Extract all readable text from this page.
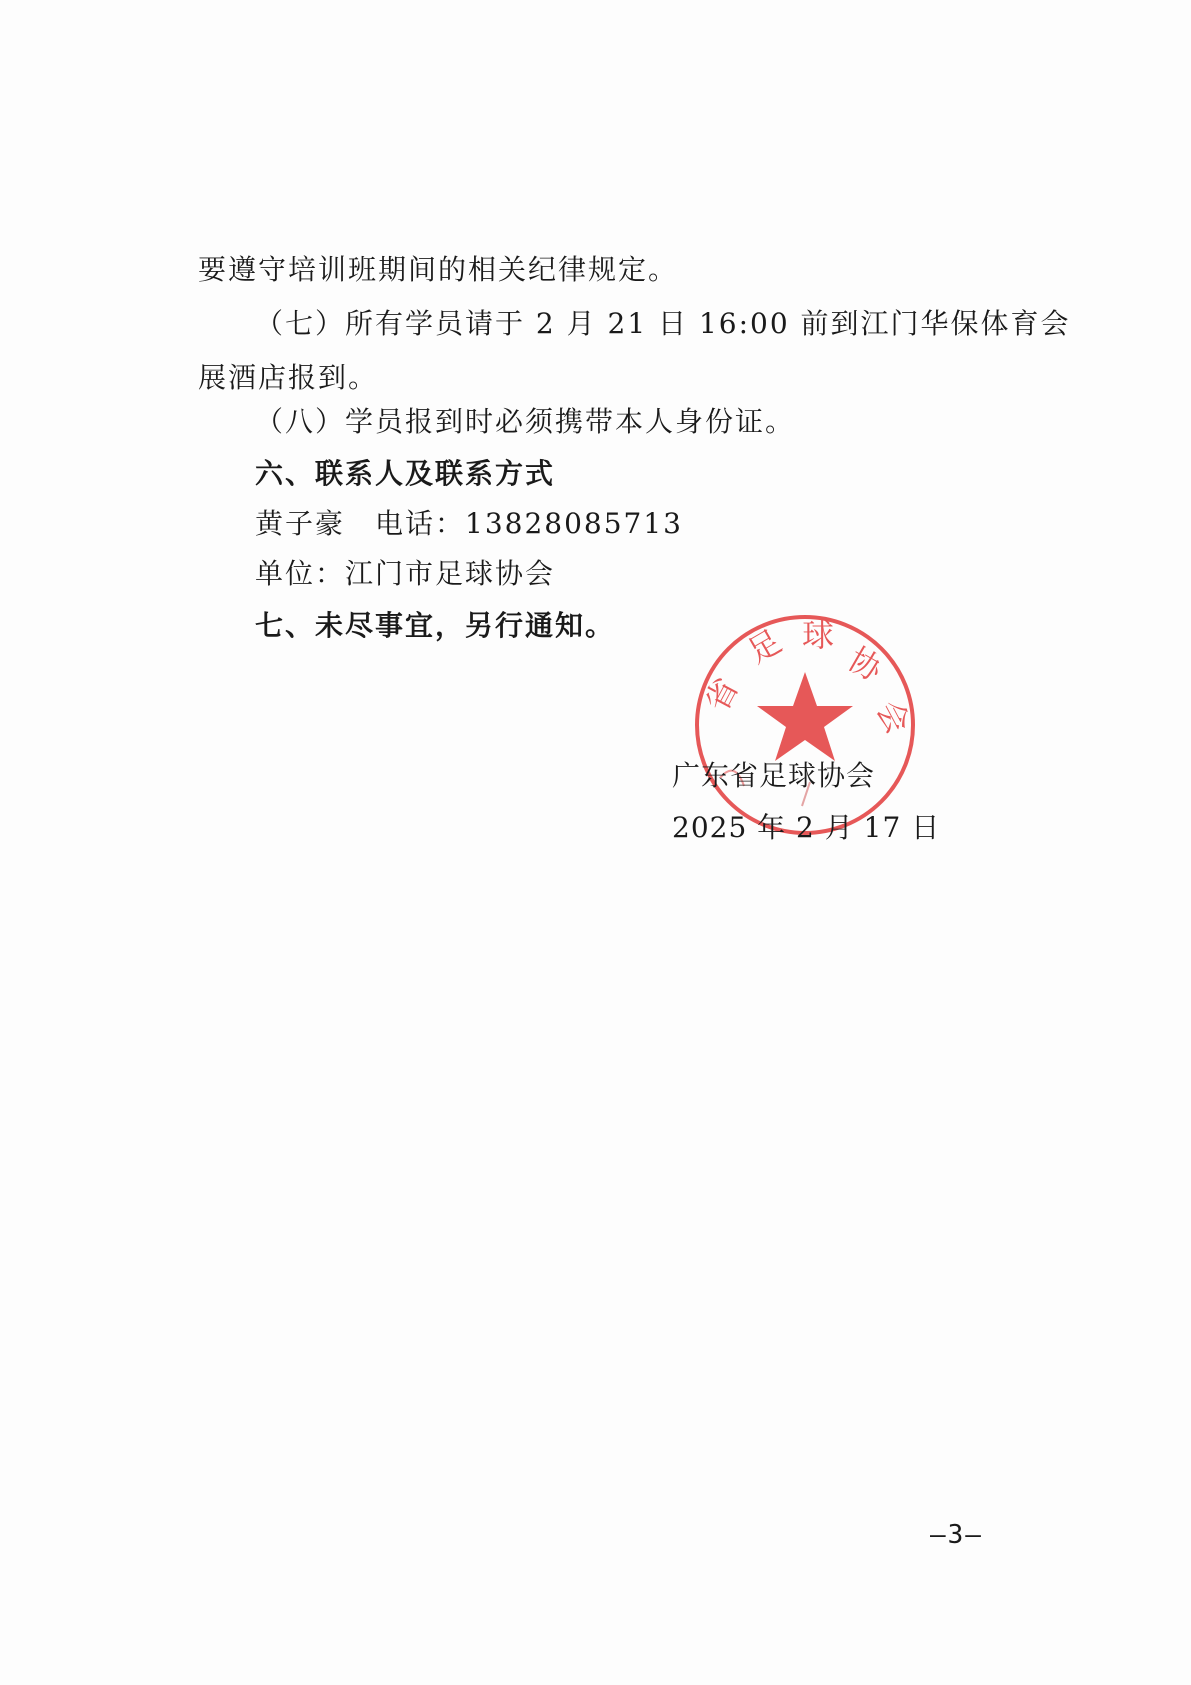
要遵守培训班期间的相关纪律规定。
（七）所有学员请于 2 月 21 日 16:00 前到江门华保体育会
展酒店报到。
（八）学员报到时必须携带本人身份证。
六、联系人及联系方式
黄子豪　电话：13828085713
单位：江门市足球协会
七、未尽事宜，另行通知。
省
足 球
协
会
广东省足球协会
2025 年 2 月 17 日
—3—
